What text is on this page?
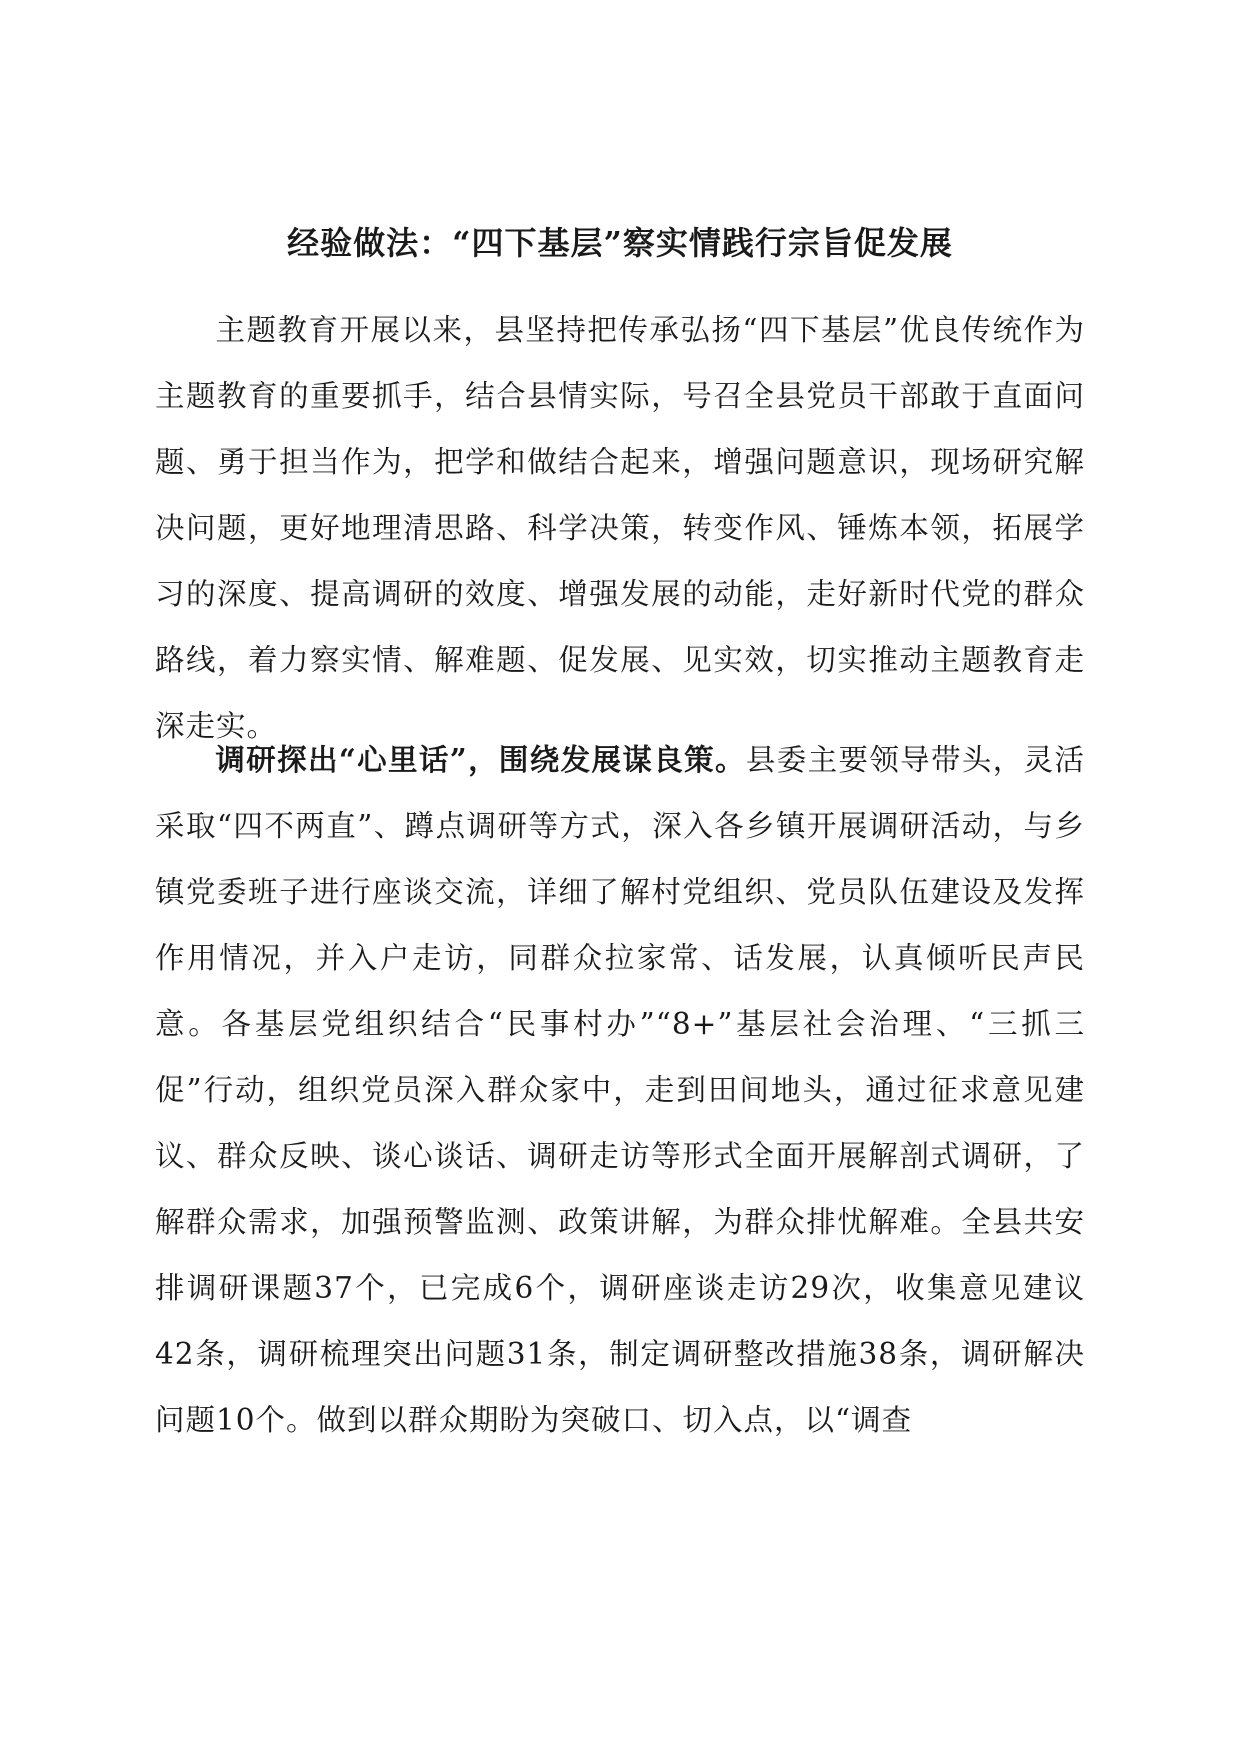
经验做法：“四下基层”察实情践行宗旨促发展
主题教育开展以来，县坚持把传承弘扬“四下基层”优良传统作为主题教育的重要抓手，结合县情实际，号召全县党员干部敢于直面问题、勇于担当作为，把学和做结合起来，增强问题意识，现场研究解决问题，更好地理清思路、科学决策，转变作风、锤炼本领，拓展学习的深度、提高调研的效度、增强发展的动能，走好新时代党的群众路线，着力察实情、解难题、促发展、见实效，切实推动主题教育走深走实。
调研探出“心里话”，围绕发展谋良策。县委主要领导带头，灵活采取“四不两直”、蹲点调研等方式，深入各乡镇开展调研活动，与乡镇党委班子进行座谈交流，详细了解村党组织、党员队伍建设及发挥作用情况，并入户走访，同群众拉家常、话发展，认真倾听民声民意。各基层党组织结合“民事村办”“8+”基层社会治理、“三抓三促”行动，组织党员深入群众家中，走到田间地头，通过征求意见建议、群众反映、谈心谈话、调研走访等形式全面开展解剖式调研，了解群众需求，加强预警监测、政策讲解，为群众排忧解难。全县共安排调研课题37个，已完成6个，调研座谈走访29次，收集意见建议42条，调研梳理突出问题31条，制定调研整改措施38条，调研解决问题10个。做到以群众期盼为突破口、切入点，以“调查
